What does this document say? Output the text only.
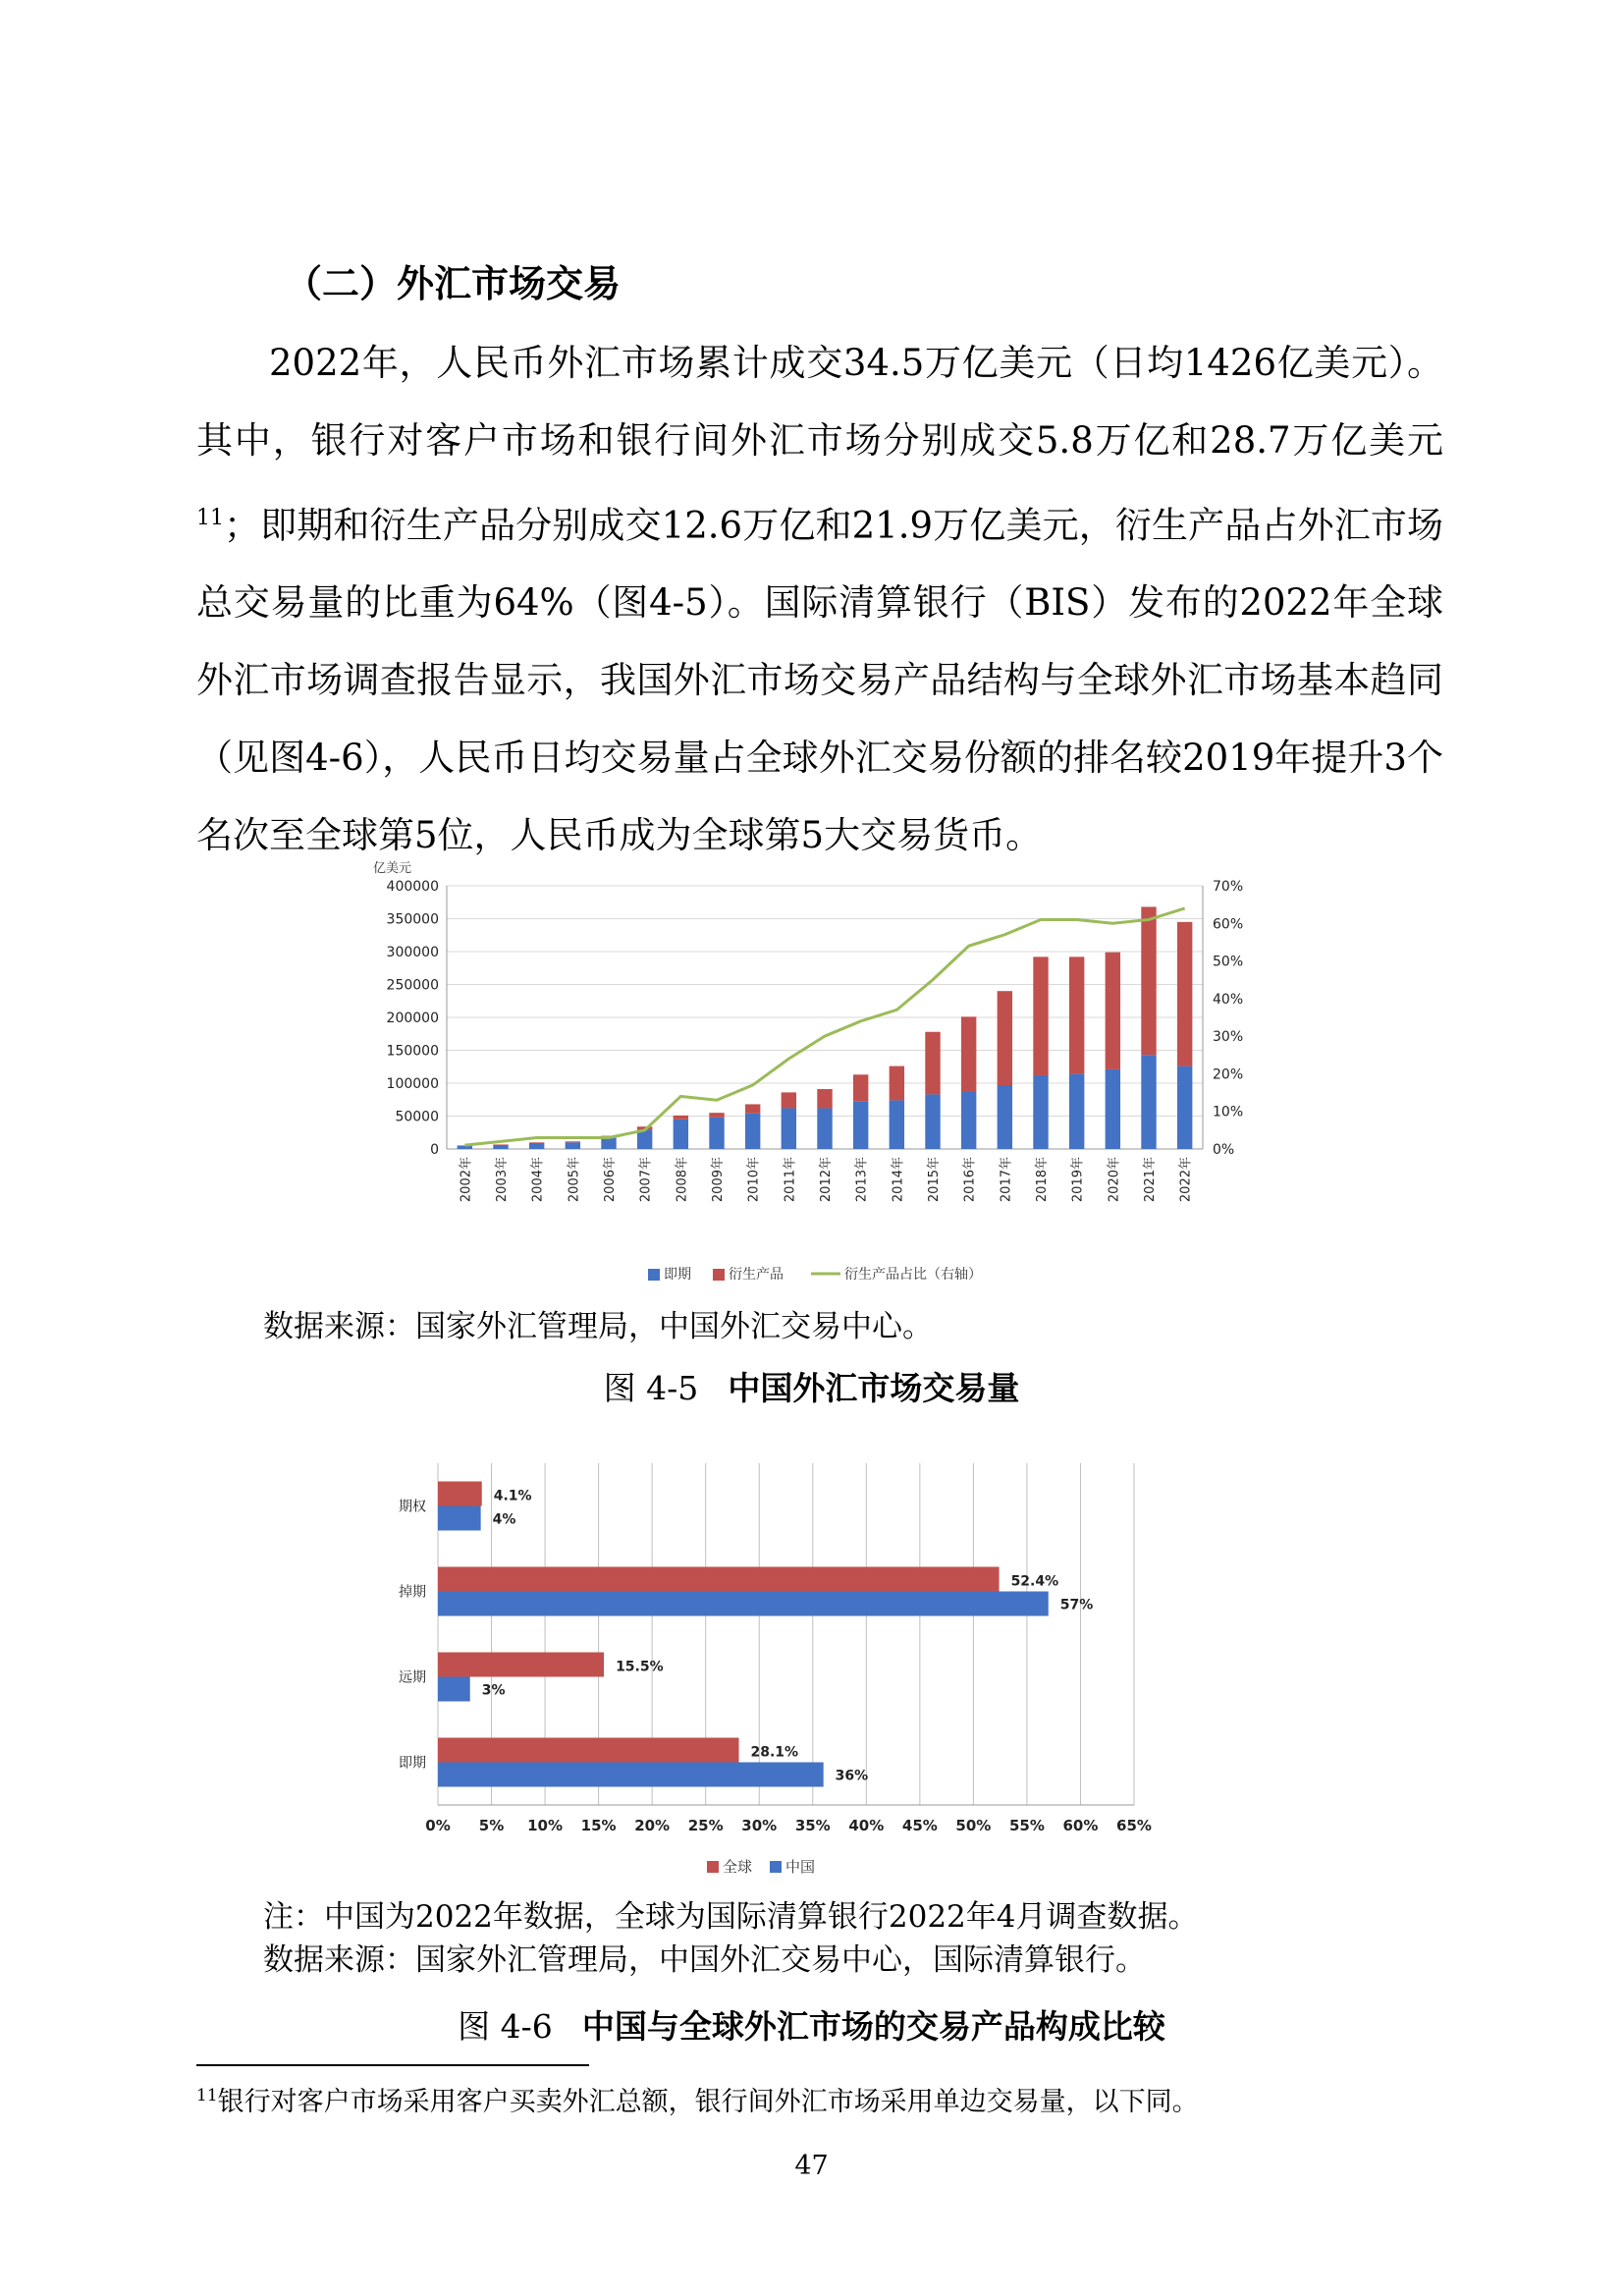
（二）外汇市场交易

2022年，人民币外汇市场累计成交34.5万亿美元（日均1426亿美元）。其中，银行对客户市场和银行间外汇市场分别成交5.8万亿和28.7万亿美元$^{11}$；即期和衍生产品分别成交12.6万亿和21.9万亿美元，衍生产品占外汇市场总交易量的比重为64%（图4-5）。国际清算银行（BIS）发布的2022年全球外汇市场调查报告显示，我国外汇市场交易产品结构与全球外汇市场基本趋同（见图4-6），人民币日均交易量占全球外汇交易份额的排名较2019年提升3个名次至全球第5位，人民币成为全球第5大交易货币。

亿美元
0
50000
100000
150000
200000
250000
300000
350000
400000
0%
10%
20%
30%
40%
50%
60%
70%
2002年 2003年 2004年 2005年 2006年 2007年 2008年 2009年 2010年 2011年 2012年 2013年 2014年 2015年 2016年 2017年 2018年 2019年 2020年 2021年 2022年
即期	衍生产品	衍生产品占比（右轴）
数据来源：国家外汇管理局，中国外汇交易中心。
图 4-5 中国外汇市场交易量
0% 5% 10% 15% 20% 25% 30% 35% 40% 45% 50% 55% 60% 65%
4.1%
4%
期权
52.4%
57%
掉期
15.5%
3%
远期
28.1%
36%
即期
全球 中国
注：中国为2022年数据，全球为国际清算银行2022年4月调查数据。
数据来源：国家外汇管理局，中国外汇交易中心，国际清算银行。
图 4-6 中国与全球外汇市场的交易产品构成比较
$^{11}$银行对客户市场采用客户买卖外汇总额，银行间外汇市场采用单边交易量，以下同。
47
